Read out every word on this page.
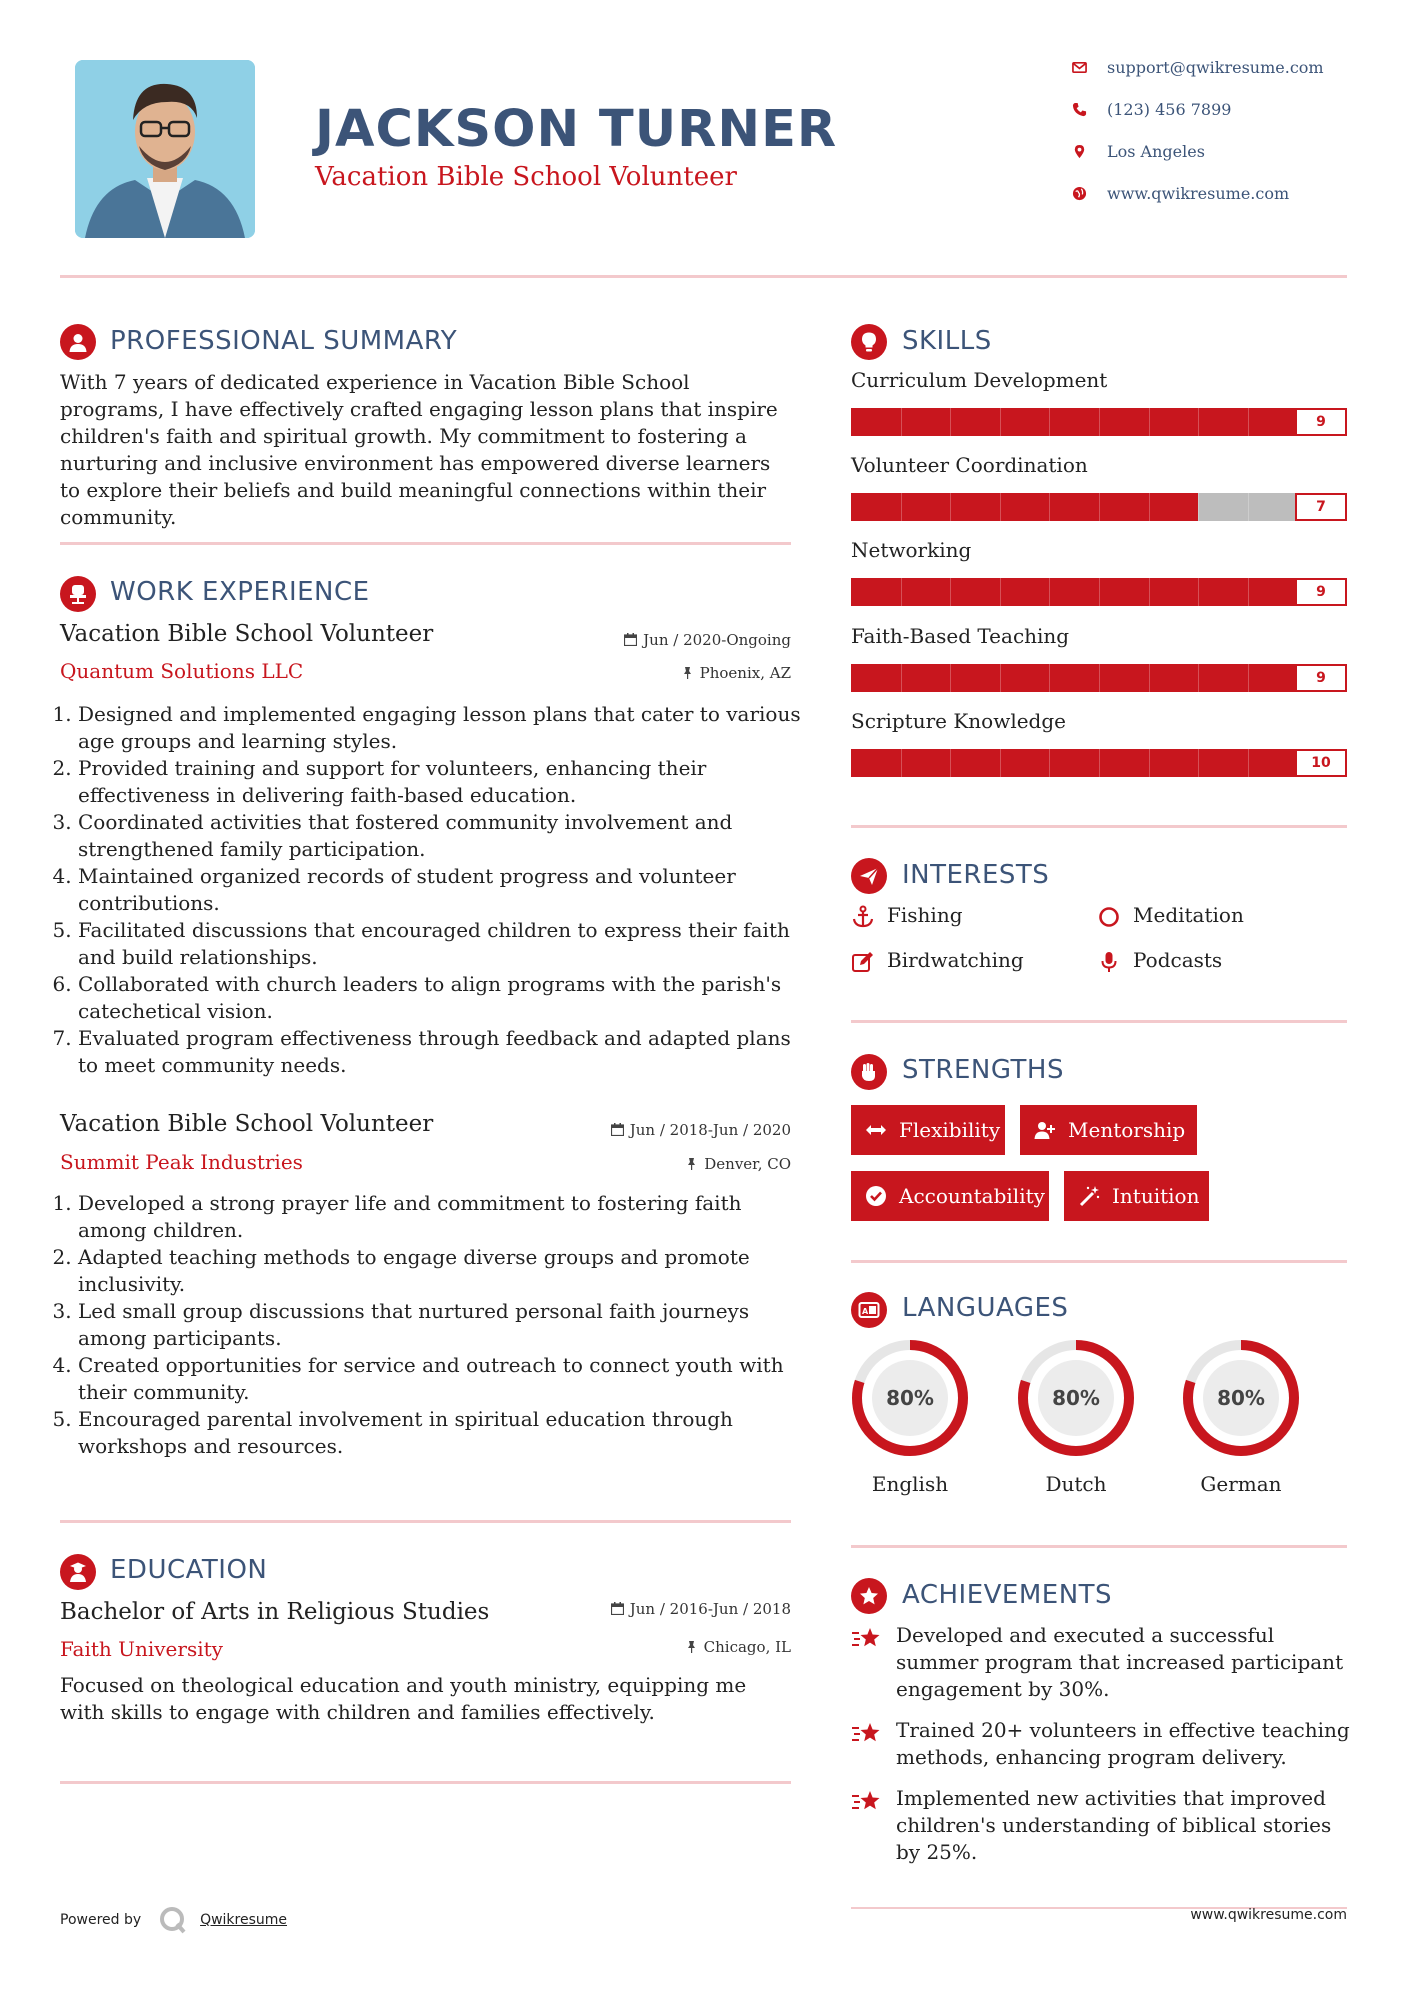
JACKSON TURNER
Vacation Bible School Volunteer
support@qwikresume.com
(123) 456 7899
Los Angeles
www.qwikresume.com
PROFESSIONAL SUMMARY
With 7 years of dedicated experience in Vacation Bible School programs, I have effectively crafted engaging lesson plans that inspire children's faith and spiritual growth. My commitment to fostering a nurturing and inclusive environment has empowered diverse learners to explore their beliefs and build meaningful connections within their community.
WORK EXPERIENCE
Vacation Bible School Volunteer	Jun / 2020-Ongoing
Quantum Solutions LLC	Phoenix, AZ
1. Designed and implemented engaging lesson plans that cater to various age groups and learning styles.
2. Provided training and support for volunteers, enhancing their effectiveness in delivering faith-based education.
3. Coordinated activities that fostered community involvement and strengthened family participation.
4. Maintained organized records of student progress and volunteer contributions.
5. Facilitated discussions that encouraged children to express their faith and build relationships.
6. Collaborated with church leaders to align programs with the parish's catechetical vision.
7. Evaluated program effectiveness through feedback and adapted plans to meet community needs.
Vacation Bible School Volunteer	Jun / 2018-Jun / 2020
Summit Peak Industries	Denver, CO
1. Developed a strong prayer life and commitment to fostering faith among children.
2. Adapted teaching methods to engage diverse groups and promote inclusivity.
3. Led small group discussions that nurtured personal faith journeys among participants.
4. Created opportunities for service and outreach to connect youth with their community.
5. Encouraged parental involvement in spiritual education through workshops and resources.
EDUCATION
Bachelor of Arts in Religious Studies	Jun / 2016-Jun / 2018
Faith University	Chicago, IL
Focused on theological education and youth ministry, equipping me with skills to engage with children and families effectively.
SKILLS
Curriculum Development
9
Volunteer Coordination
7
Networking
9
Faith-Based Teaching
9
Scripture Knowledge
10
INTERESTS
Fishing	Meditation
Birdwatching	Podcasts
STRENGTHS
Flexibility	Mentorship
Accountability	Intuition
A LANGUAGES
80%
English
80%
Dutch
80%
German
ACHIEVEMENTS
Developed and executed a successful summer program that increased participant engagement by 30%.
Trained 20+ volunteers in effective teaching methods, enhancing program delivery.
Implemented new activities that improved children's understanding of biblical stories by 25%.
Powered by	Qwikresume	www.qwikresume.com
